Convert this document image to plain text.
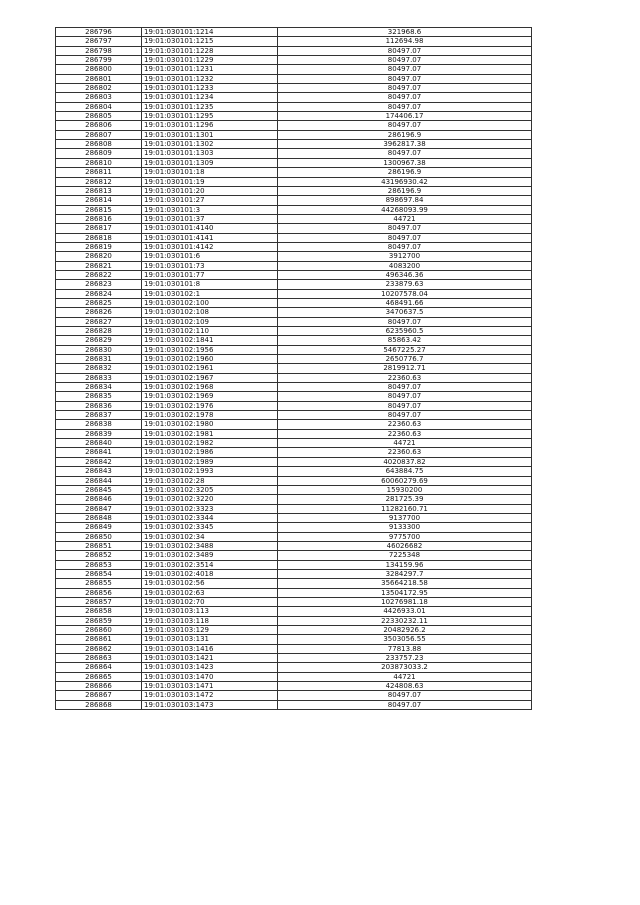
286796	19:01:030101:1214	321968.6
286797	19:01:030101:1215	112694.98
286798	19:01:030101:1228	80497.07
286799	19:01:030101:1229	80497.07
286800	19:01:030101:1231	80497.07
286801	19:01:030101:1232	80497.07
286802	19:01:030101:1233	80497.07
286803	19:01:030101:1234	80497.07
286804	19:01:030101:1235	80497.07
286805	19:01:030101:1295	174406.17
286806	19:01:030101:1296	80497.07
286807	19:01:030101:1301	286196.9
286808	19:01:030101:1302	3962817.38
286809	19:01:030101:1303	80497.07
286810	19:01:030101:1309	1300967.38
286811	19:01:030101:18	286196.9
286812	19:01:030101:19	43196930.42
286813	19:01:030101:20	286196.9
286814	19:01:030101:27	898697.84
286815	19:01:030101:3	44268093.99
286816	19:01:030101:37	44721
286817	19:01:030101:4140	80497.07
286818	19:01:030101:4141	80497.07
286819	19:01:030101:4142	80497.07
286820	19:01:030101:6	3912700
286821	19:01:030101:73	4083200
286822	19:01:030101:77	496346.36
286823	19:01:030101:8	233879.63
286824	19:01:030102:1	10207578.04
286825	19:01:030102:100	468491.66
286826	19:01:030102:108	3470637.5
286827	19:01:030102:109	80497.07
286828	19:01:030102:110	6235960.5
286829	19:01:030102:1841	85863.42
286830	19:01:030102:1956	5467225.27
286831	19:01:030102:1960	2650776.7
286832	19:01:030102:1961	2819912.71
286833	19:01:030102:1967	22360.63
286834	19:01:030102:1968	80497.07
286835	19:01:030102:1969	80497.07
286836	19:01:030102:1976	80497.07
286837	19:01:030102:1978	80497.07
286838	19:01:030102:1980	22360.63
286839	19:01:030102:1981	22360.63
286840	19:01:030102:1982	44721
286841	19:01:030102:1986	22360.63
286842	19:01:030102:1989	4020837.82
286843	19:01:030102:1993	643884.75
286844	19:01:030102:28	60060279.69
286845	19:01:030102:3205	15930200
286846	19:01:030102:3220	281725.39
286847	19:01:030102:3323	11282160.71
286848	19:01:030102:3344	9137700
286849	19:01:030102:3345	9133300
286850	19:01:030102:34	9775700
286851	19:01:030102:3488	46026682
286852	19:01:030102:3489	7225348
286853	19:01:030102:3514	134159.96
286854	19:01:030102:4018	3284297.7
286855	19:01:030102:56	35664218.58
286856	19:01:030102:63	13504172.95
286857	19:01:030102:70	10276981.18
286858	19:01:030103:113	4426933.01
286859	19:01:030103:118	22330232.11
286860	19:01:030103:129	20482926.2
286861	19:01:030103:131	3503056.55
286862	19:01:030103:1416	77813.88
286863	19:01:030103:1421	233757.23
286864	19:01:030103:1423	203873033.2
286865	19:01:030103:1470	44721
286866	19:01:030103:1471	424808.63
286867	19:01:030103:1472	80497.07
286868	19:01:030103:1473	80497.07
